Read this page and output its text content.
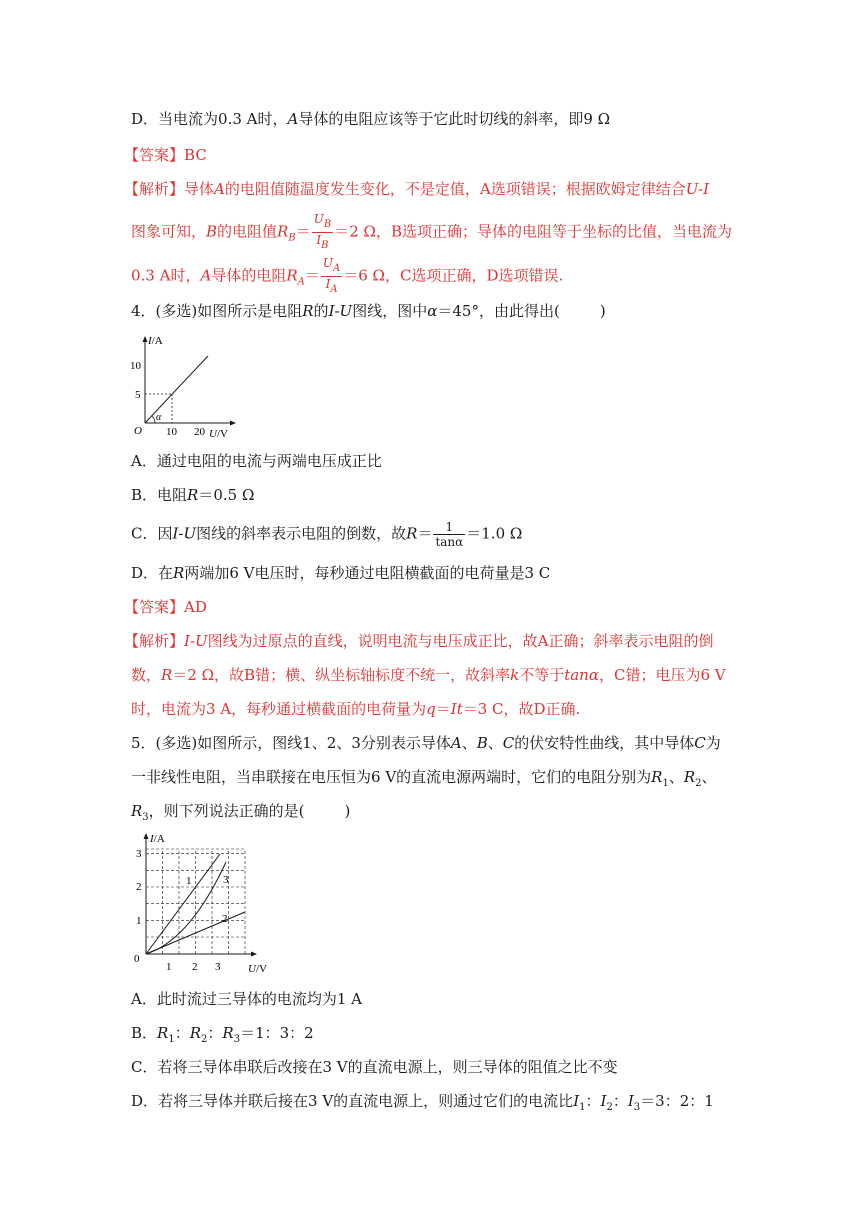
D．当电流为0.3 A时，A导体的电阻应该等于它此时切线的斜率，即9 Ω
【答案】BC
【解析】导体A的电阻值随温度发生变化，不是定值，A选项错误；根据欧姆定律结合U-I
图象可知，B的电阻值$R_B= \frac{U_B}{I_B} =2$ Ω，B选项正确；导体的电阻等于坐标的比值，当电流为
0.3 A时，A导体的电阻$R_A= \frac{U_A}{I_A} =6$ Ω，C选项正确，D选项错误.
4．(多选)如图所示是电阻R的I-U图线，图中α＝45°，由此得出(	)
α
I/A
10
5
O 10 20 U/V
A．通过电阻的电流与两端电压成正比
B．电阻R＝0.5 Ω
C．因I-U图线的斜率表示电阻的倒数，故$R= \frac{1}{\tan\alpha} =1.0$ Ω
D．在R两端加6 V电压时，每秒通过电阻横截面的电荷量是3 C
【答案】AD
【解析】I-U图线为过原点的直线，说明电流与电压成正比，故A正确；斜率表示电阻的倒
数，R＝2 Ω，故B错；横、纵坐标轴标度不统一，故斜率k不等于tanα，C错；电压为6 V
时，电流为3 A，每秒通过横截面的电荷量为q＝It＝3 C，故D正确.
5．(多选)如图所示，图线1、2、3分别表示导体A、B、C的伏安特性曲线，其中导体C为
一非线性电阻，当串联接在电压恒为6 V的直流电源两端时，它们的电阻分别为$R_1$、$R_2$、
$R_3$，则下列说法正确的是(	)
1
2
3
I/A
3
2
1
0
1 2 3	U/V
A．此时流过三导体的电流均为1 A
B．$R_1$：$R_2$：$R_3=1$：3：2
C．若将三导体串联后改接在3 V的直流电源上，则三导体的阻值之比不变
D．若将三导体并联后接在3 V的直流电源上，则通过它们的电流比$I_1$：$I_2$：$I_3=3$：2：1
